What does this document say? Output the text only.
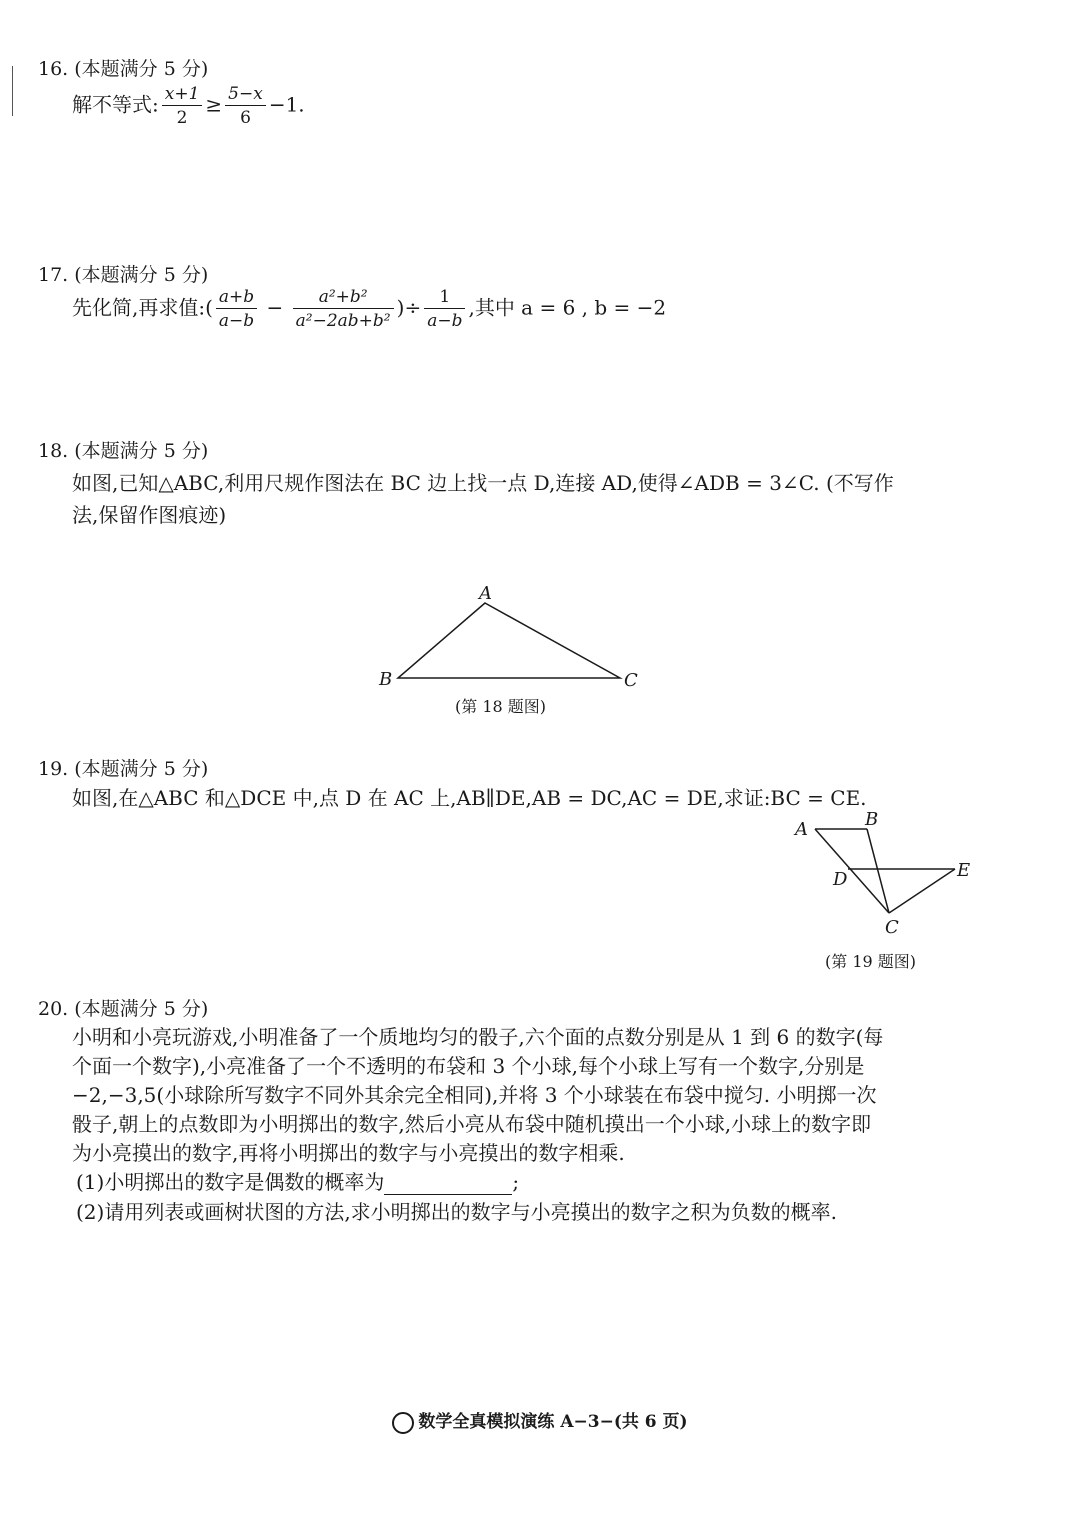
16. (本题满分 5 分)
解不等式: $\frac{x+1}{2} \ge \frac{5-x}{6} -1$.
17. (本题满分 5 分)
先化简,再求值:( $\frac{a+b}{a-b} - \frac{\text{a²+b²}}{\text{a²−2ab+b²}}$ )÷ $\frac{1}{a-b}$ ,其中 a = 6 , b = −2
18. (本题满分 5 分)
如图,已知△ABC,利用尺规作图法在 BC 边上找一点 D,连接 AD,使得∠ADB = 3∠C. (不写作
法,保留作图痕迹)
A
B	C
(第 18 题图)
19. (本题满分 5 分)
如图,在△ABC 和△DCE 中,点 D 在 AC 上,AB∥DE,AB = DC,AC = DE,求证:BC = CE.
A	B
D	E
C
(第 19 题图)
20. (本题满分 5 分)
小明和小亮玩游戏,小明准备了一个质地均匀的骰子,六个面的点数分别是从 1 到 6 的数字(每
个面一个数字),小亮准备了一个不透明的布袋和 3 个小球,每个小球上写有一个数字,分别是
−2,−3,5(小球除所写数字不同外其余完全相同),并将 3 个小球装在布袋中搅匀. 小明掷一次
骰子,朝上的点数即为小明掷出的数字,然后小亮从布袋中随机摸出一个小球,小球上的数字即
为小亮摸出的数字,再将小明掷出的数字与小亮摸出的数字相乘.
(1)小明掷出的数字是偶数的概率为	;
(2)请用列表或画树状图的方法,求小明掷出的数字与小亮摸出的数字之积为负数的概率.
数学全真模拟演练 A−3−(共 6 页)
